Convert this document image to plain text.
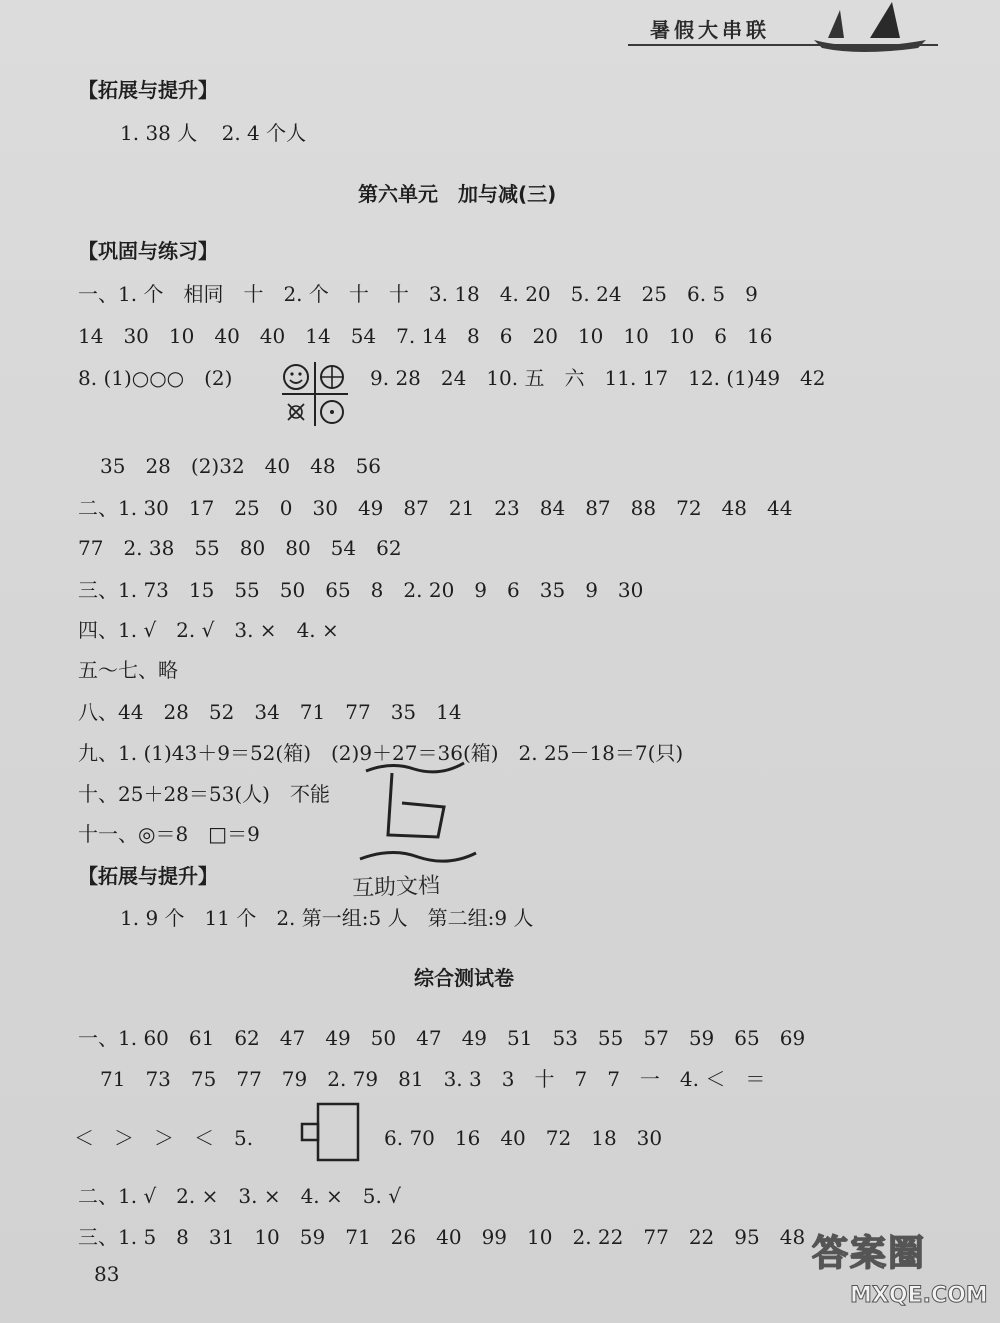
暑假大串联
【拓展与提升】
1. 38 人 2. 4 个人
第六单元　加与减(三)
【巩固与练习】
一、1. 个　相同　十　2. 个　十　十　3. 18　4. 20　5. 24　25　6. 5　9
14　30　10　40　40　14　54　7. 14　8　6　20　10　10　10　6　16
8. (1)○○○　(2)	9. 28　24　10. 五　六　11. 17　12. (1)49　42
35　28　(2)32　40　48　56
二、1. 30　17　25　0　30　49　87　21　23　84　87　88　72　48　44
77　2. 38　55　80　80　54　62
三、1. 73　15　55　50　65　8　2. 20　9　6　35　9　30
四、1. √　2. √　3. ×　4. ×
五～七、略
八、44　28　52　34　71　77　35　14
九、1. (1)43＋9＝52(箱)　(2)9＋27＝36(箱)　2. 25－18＝7(只)
十、25＋28＝53(人)　不能
十一、◎＝8　□＝9
互助文档
【拓展与提升】
1. 9 个　11 个　2. 第一组:5 人　第二组:9 人
综合测试卷
一、1. 60　61　62　47　49　50　47　49　51　53　55　57　59　65　69
71　73　75　77　79　2. 79　81　3. 3　3　十　7　7　一　4. ＜　＝
＜　＞　＞　＜　5.	6. 70　16　40　72　18　30
二、1. √　2. ×　3. ×　4. ×　5. √
三、1. 5　8　31　10　59　71　26　40　99　10　2. 22　77　22　95　48
83	答案圈
MXQE.COM
